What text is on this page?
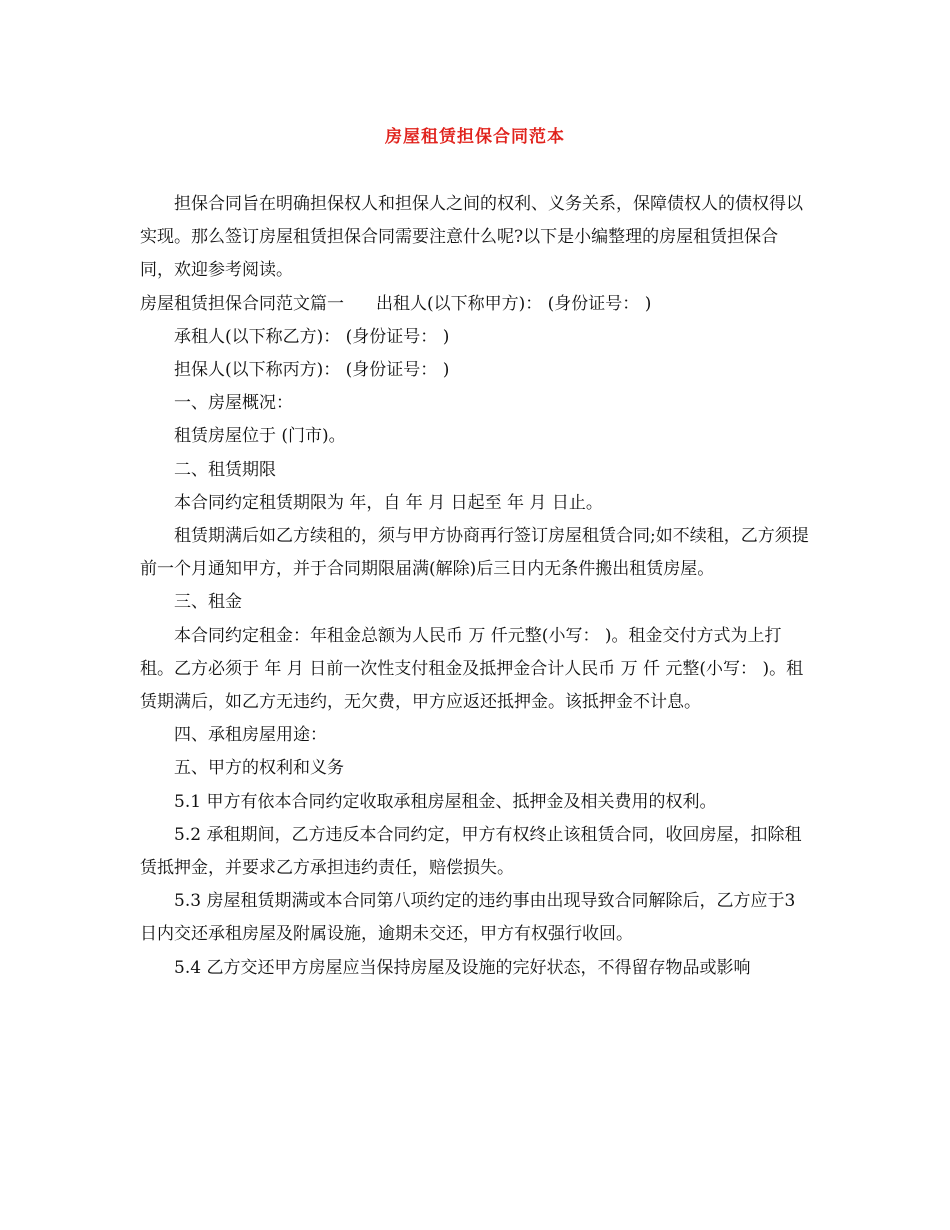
房屋租赁担保合同范本

担保合同旨在明确担保权人和担保人之间的权利、义务关系，保障债权人的债权得以实现。那么签订房屋租赁担保合同需要注意什么呢?以下是小编整理的房屋租赁担保合同，欢迎参考阅读。

房屋租赁担保合同范文篇一 出租人(以下称甲方)： (身份证号： )

承租人(以下称乙方)： (身份证号： )

担保人(以下称丙方)： (身份证号： )

一、房屋概况：

租赁房屋位于 (门市)。

二、租赁期限

本合同约定租赁期限为 年，自 年 月 日起至 年 月 日止。

租赁期满后如乙方续租的，须与甲方协商再行签订房屋租赁合同;如不续租，乙方须提前一个月通知甲方，并于合同期限届满(解除)后三日内无条件搬出租赁房屋。

三、租金

本合同约定租金：年租金总额为人民币 万 仟元整(小写： )。租金交付方式为上打租。乙方必须于 年 月 日前一次性支付租金及抵押金合计人民币 万 仟 元整(小写： )。租赁期满后，如乙方无违约，无欠费，甲方应返还抵押金。该抵押金不计息。

四、承租房屋用途：

五、甲方的权利和义务

5.1 甲方有依本合同约定收取承租房屋租金、抵押金及相关费用的权利。

5.2 承租期间，乙方违反本合同约定，甲方有权终止该租赁合同，收回房屋，扣除租赁抵押金，并要求乙方承担违约责任，赔偿损失。

5.3 房屋租赁期满或本合同第八项约定的违约事由出现导致合同解除后，乙方应于3日内交还承租房屋及附属设施，逾期未交还，甲方有权强行收回。

5.4 乙方交还甲方房屋应当保持房屋及设施的完好状态，不得留存物品或影响
